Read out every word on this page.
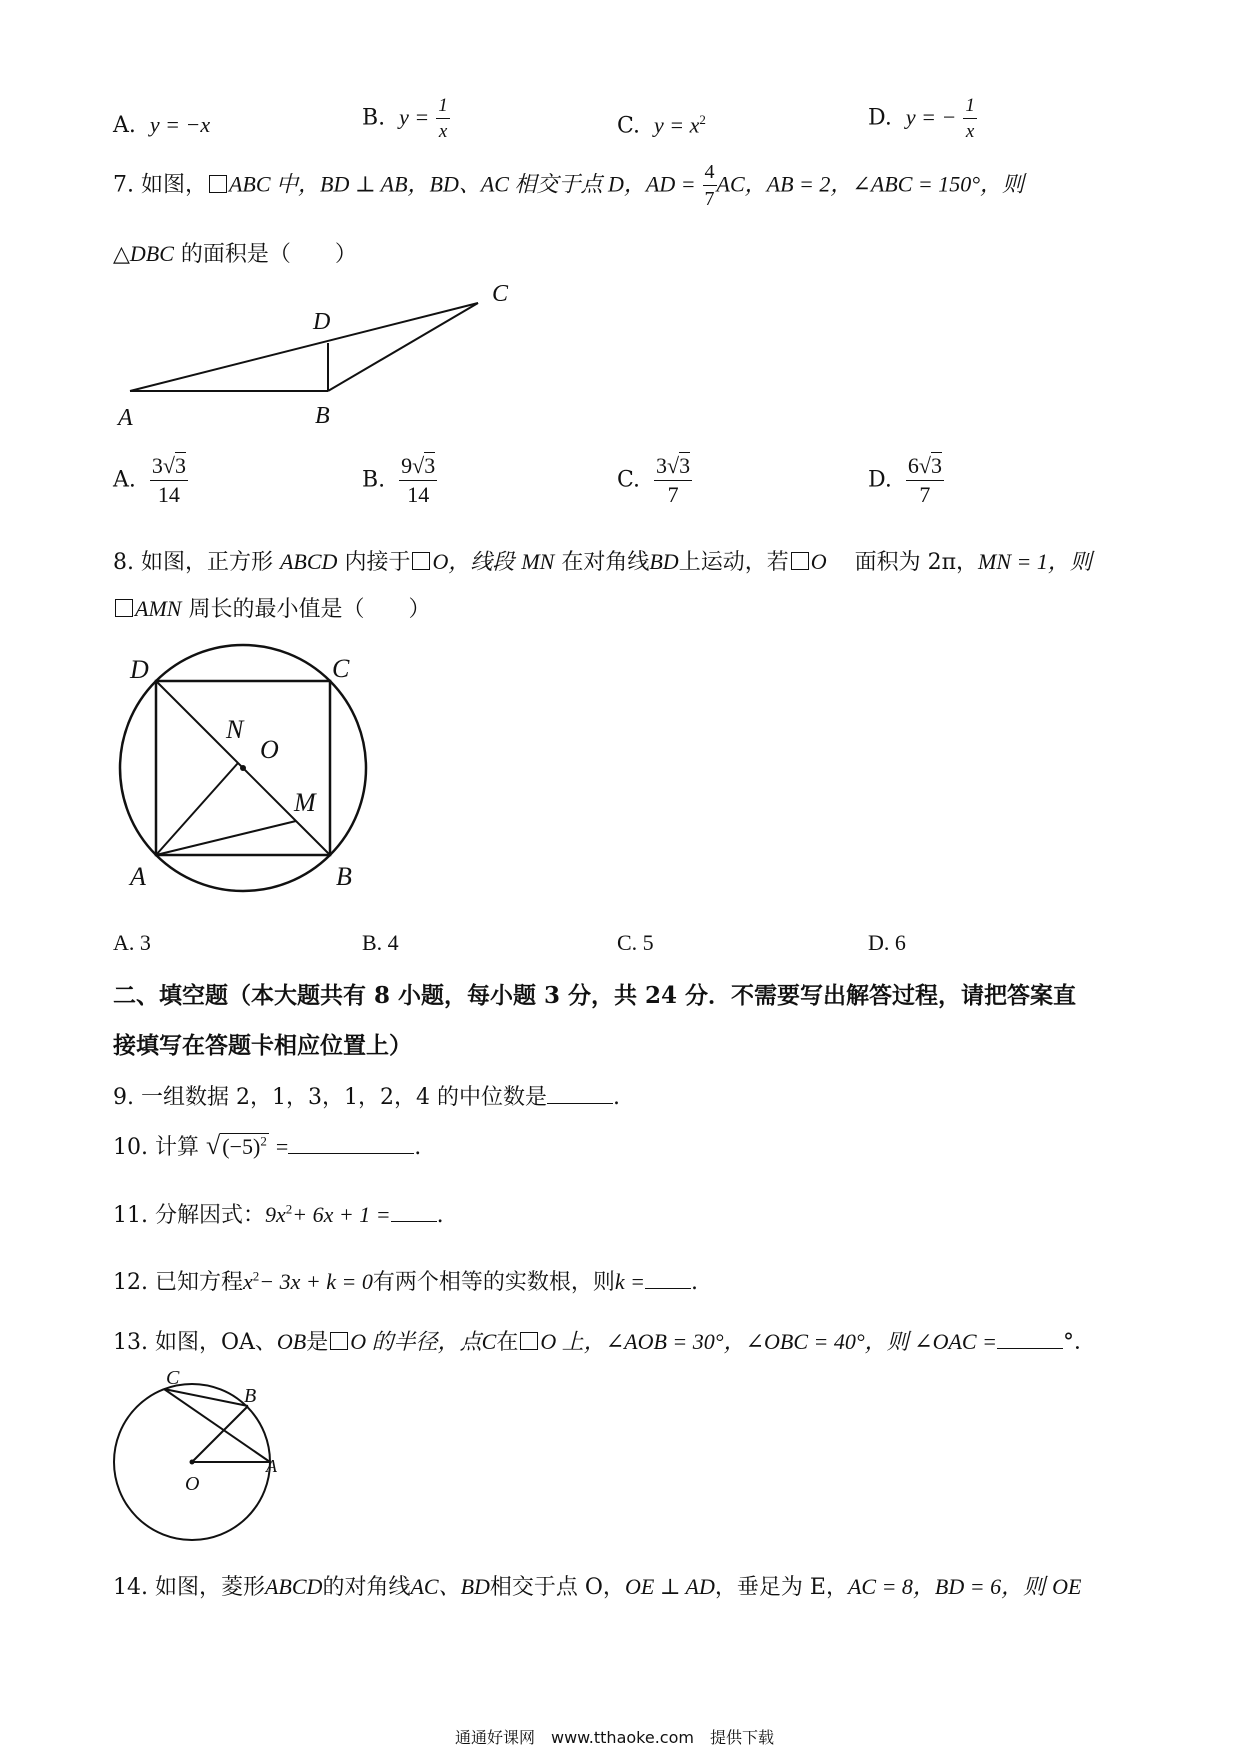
A. y = −x	B. $y = \frac{1}{x}$	C. $y = x^2$	D. y = − $\frac{1}{x}$
7. 如图， ABC 中，BD ⊥ AB，BD、AC 相交于点 D，AD = $\frac{4}{7}$ AC，AB = 2，∠ABC = 150°，则
△DBC 的面积是（　　）
A	B
C
D
A. $\frac{3√3}{14}$	B. $\frac{9√3}{14}$	C. $\frac{3√3}{7}$	D. $\frac{6√3}{7}$
8. 如图，正方形 ABCD 内接于 O，线段 MN 在对角线BD上运动，若 O 面积为 2π，MN = 1，则
AMN 周长的最小值是（　　）
D	C
N
O
M
A	B
A. 3	B. 4	C. 5	D. 6
二、填空题（本大题共有 8 小题，每小题 3 分，共 24 分．不需要写出解答过程，请把答案直
接填写在答题卡相应位置上）
9. 一组数据 2，1，3，1，2，4 的中位数是	.
10. 计算 $√(-5)^2$ =	.
11. 分解因式：$9x^2+ 6x + 1$ = .
12. 已知方程$x^2- 3x + k = 0$有两个相等的实数根，则k = .
13. 如图，OA、OB是 O 的半径，点C在 O 上，∠AOB = 30°，∠OBC = 40°，则 ∠OAC =	°．
C
B
O
A
14. 如图，菱形ABCD的对角线AC、BD相交于点 O，OE ⊥ AD，垂足为 E，AC = 8，BD = 6，则 OE
通通好课网　www.tthaoke.com　提供下载
